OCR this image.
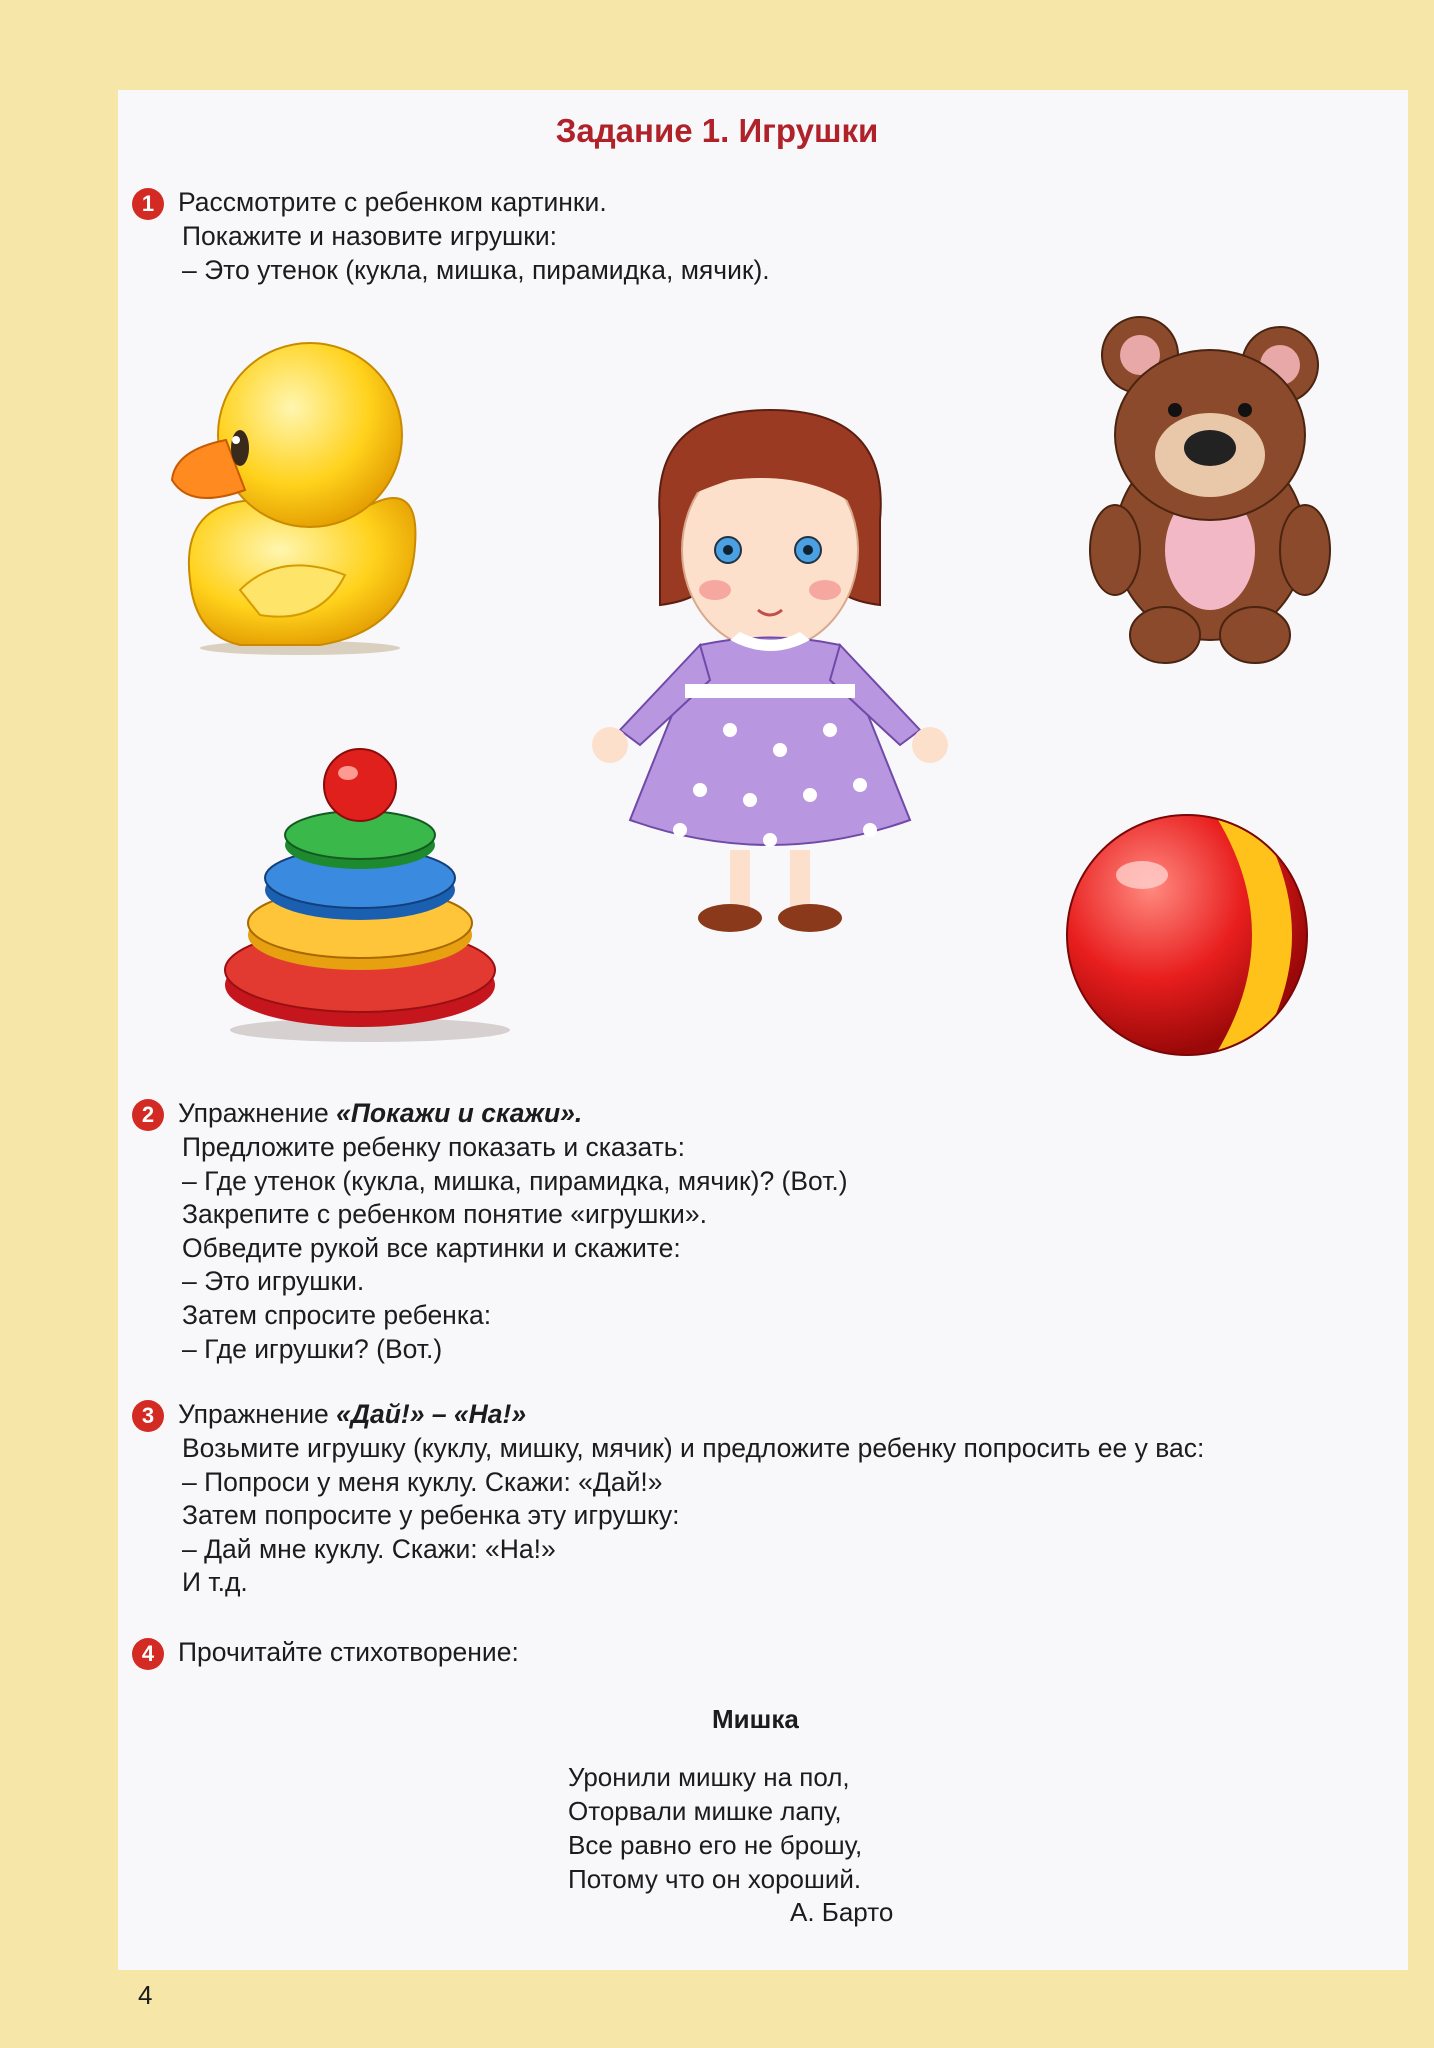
Задание 1. Игрушки
1 Рассмотрите с ребенком картинки.
Покажите и назовите игрушки:
– Это утенок (кукла, мишка, пирамидка, мячик).
2 Упражнение «Покажи и скажи».
Предложите ребенку показать и сказать:
– Где утенок (кукла, мишка, пирамидка, мячик)? (Вот.)
Закрепите с ребенком понятие «игрушки».
Обведите рукой все картинки и скажите:
– Это игрушки.
Затем спросите ребенка:
– Где игрушки? (Вот.)
3 Упражнение «Дай!» – «На!»
Возьмите игрушку (куклу, мишку, мячик) и предложите ребенку попросить ее у вас:
– Попроси у меня куклу. Скажи: «Дай!»
Затем попросите у ребенка эту игрушку:
– Дай мне куклу. Скажи: «На!»
И т.д.
4 Прочитайте стихотворение:
Мишка
Уронили мишку на пол,
Оторвали мишке лапу,
Все равно его не брошу,
Потому что он хороший.
А. Барто
4
